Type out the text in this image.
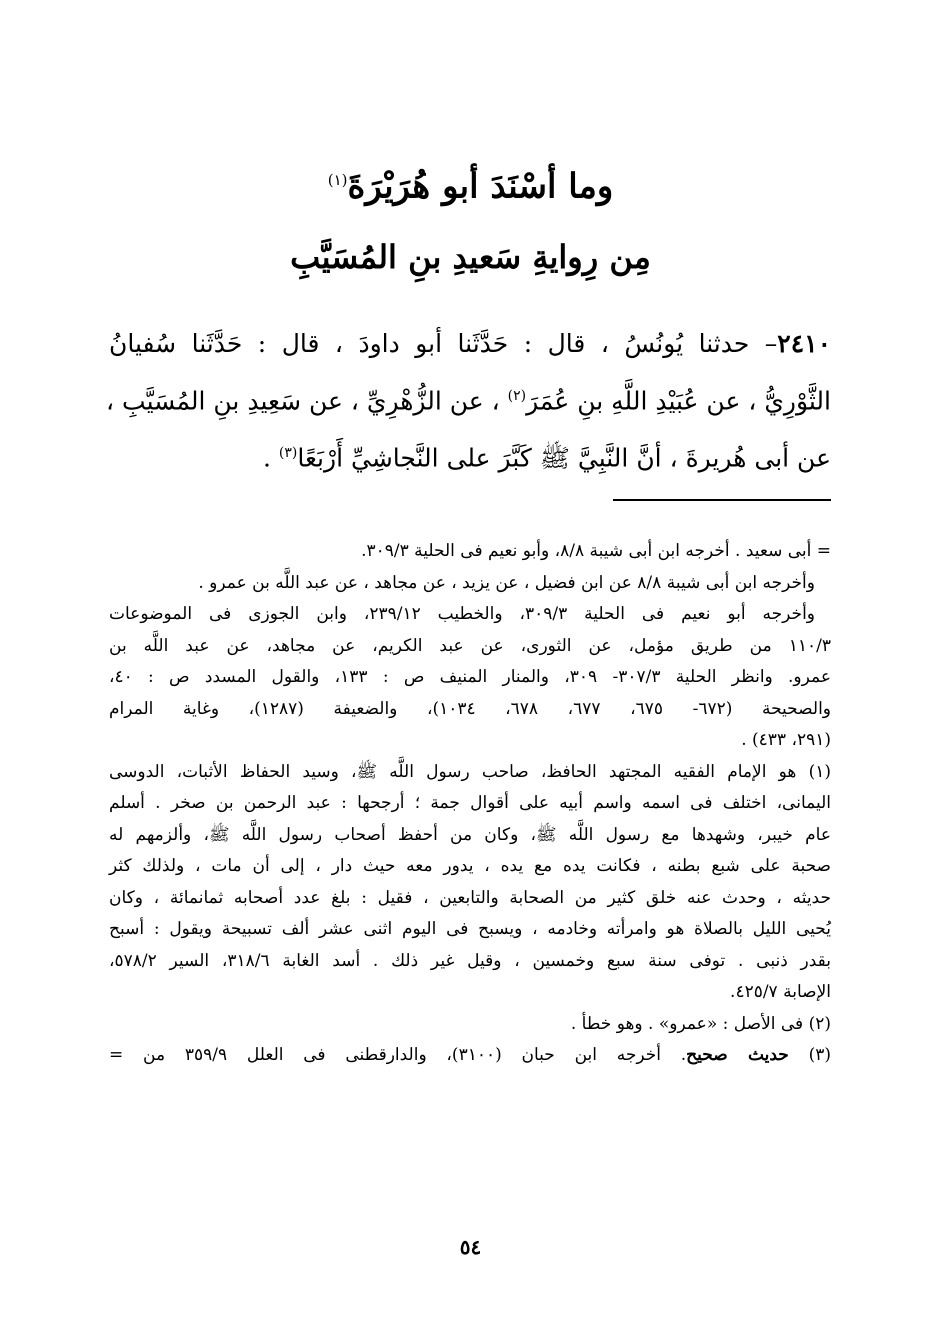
وما أسْنَدَ أبو هُرَيْرَةَ$^{(١)}$
مِن رِوايةِ سَعيدِ بنِ المُسَيَّبِ
٢٤١٠– حدثنا يُونُسُ ، قال : حَدَّثَنا أبو داودَ ، قال : حَدَّثَنا سُفيانُ
الثَّوْرِيُّ ، عن عُبَيْدِ اللَّهِ بنِ عُمَرَ$^{(٢)}$ ، عن الزُّهْرِيِّ ، عن سَعِيدِ بنِ المُسَيَّبِ ،
عن أبى هُريرةَ ، أنَّ النَّبِيَّ ﷺ كَبَّرَ على النَّجاشِيِّ أَرْبَعًا$^{(٣)}$ .
= أبى سعيد . أخرجه ابن أبى شيبة ٨/٨، وأبو نعيم فى الحلية ٣٠٩/٣.
وأخرجه ابن أبى شيبة ٨/٨ عن ابن فضيل ، عن يزيد ، عن مجاهد ، عن عبد اللَّه بن عمرو .
وأخرجه أبو نعيم فى الحلية ٣٠٩/٣، والخطيب ٢٣٩/١٢، وابن الجوزى فى الموضوعات
١١٠/٣ من طريق مؤمل، عن الثورى، عن عبد الكريم، عن مجاهد، عن عبد اللَّه بن
عمرو. وانظر الحلية ٣٠٧/٣- ٣٠٩، والمنار المنيف ص : ١٣٣، والقول المسدد ص : ٤٠،
والصحيحة (٦٧٢- ٦٧٥، ٦٧٧، ٦٧٨، ١٠٣٤)، والضعيفة (١٢٨٧)، وغاية المرام
(٢٩١، ٤٣٣) .
(١) هو الإمام الفقيه المجتهد الحافظ، صاحب رسول اللَّه ﷺ، وسيد الحفاظ الأثبات، الدوسى
اليمانى، اختلف فى اسمه واسم أبيه على أقوال جمة ؛ أرجحها : عبد الرحمن بن صخر . أسلم
عام خيبر، وشهدها مع رسول اللَّه ﷺ، وكان من أحفظ أصحاب رسول اللَّه ﷺ، وألزمهم له
صحبة على شبع بطنه ، فكانت يده مع يده ، يدور معه حيث دار ، إلى أن مات ، ولذلك كثر
حديثه ، وحدث عنه خلق كثير من الصحابة والتابعين ، فقيل : بلغ عدد أصحابه ثمانمائة ، وكان
يُحيى الليل بالصلاة هو وامرأته وخادمه ، ويسبح فى اليوم اثنى عشر ألف تسبيحة ويقول : أسبح
بقدر ذنبى . توفى سنة سبع وخمسين ، وقيل غير ذلك . أسد الغابة ٣١٨/٦، السير ٥٧٨/٢،
الإصابة ٤٢٥/٧.
(٢) فى الأصل : «عمرو» . وهو خطأ .
(٣) حديث صحيح. أخرجه ابن حبان (٣١٠٠)، والدارقطنى فى العلل ٣٥٩/٩ من =
٥٤
